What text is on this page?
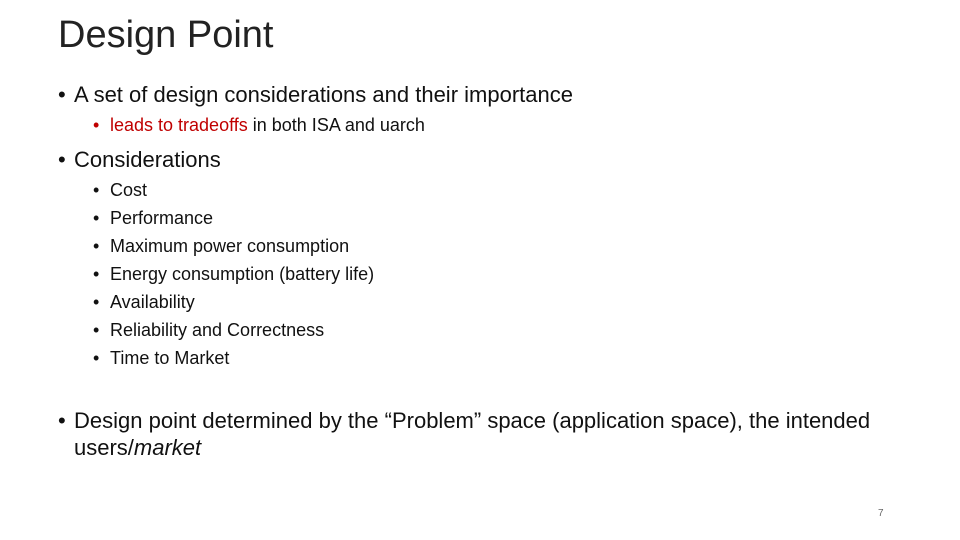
Design Point
• A set of design considerations and their importance
• leads to tradeoffs in both ISA and uarch
• Considerations
• Cost
• Performance
• Maximum power consumption
• Energy consumption (battery life)
• Availability
• Reliability and Correctness
• Time to Market
• Design point determined by the “Problem” space (application space), the intended users/market
7
